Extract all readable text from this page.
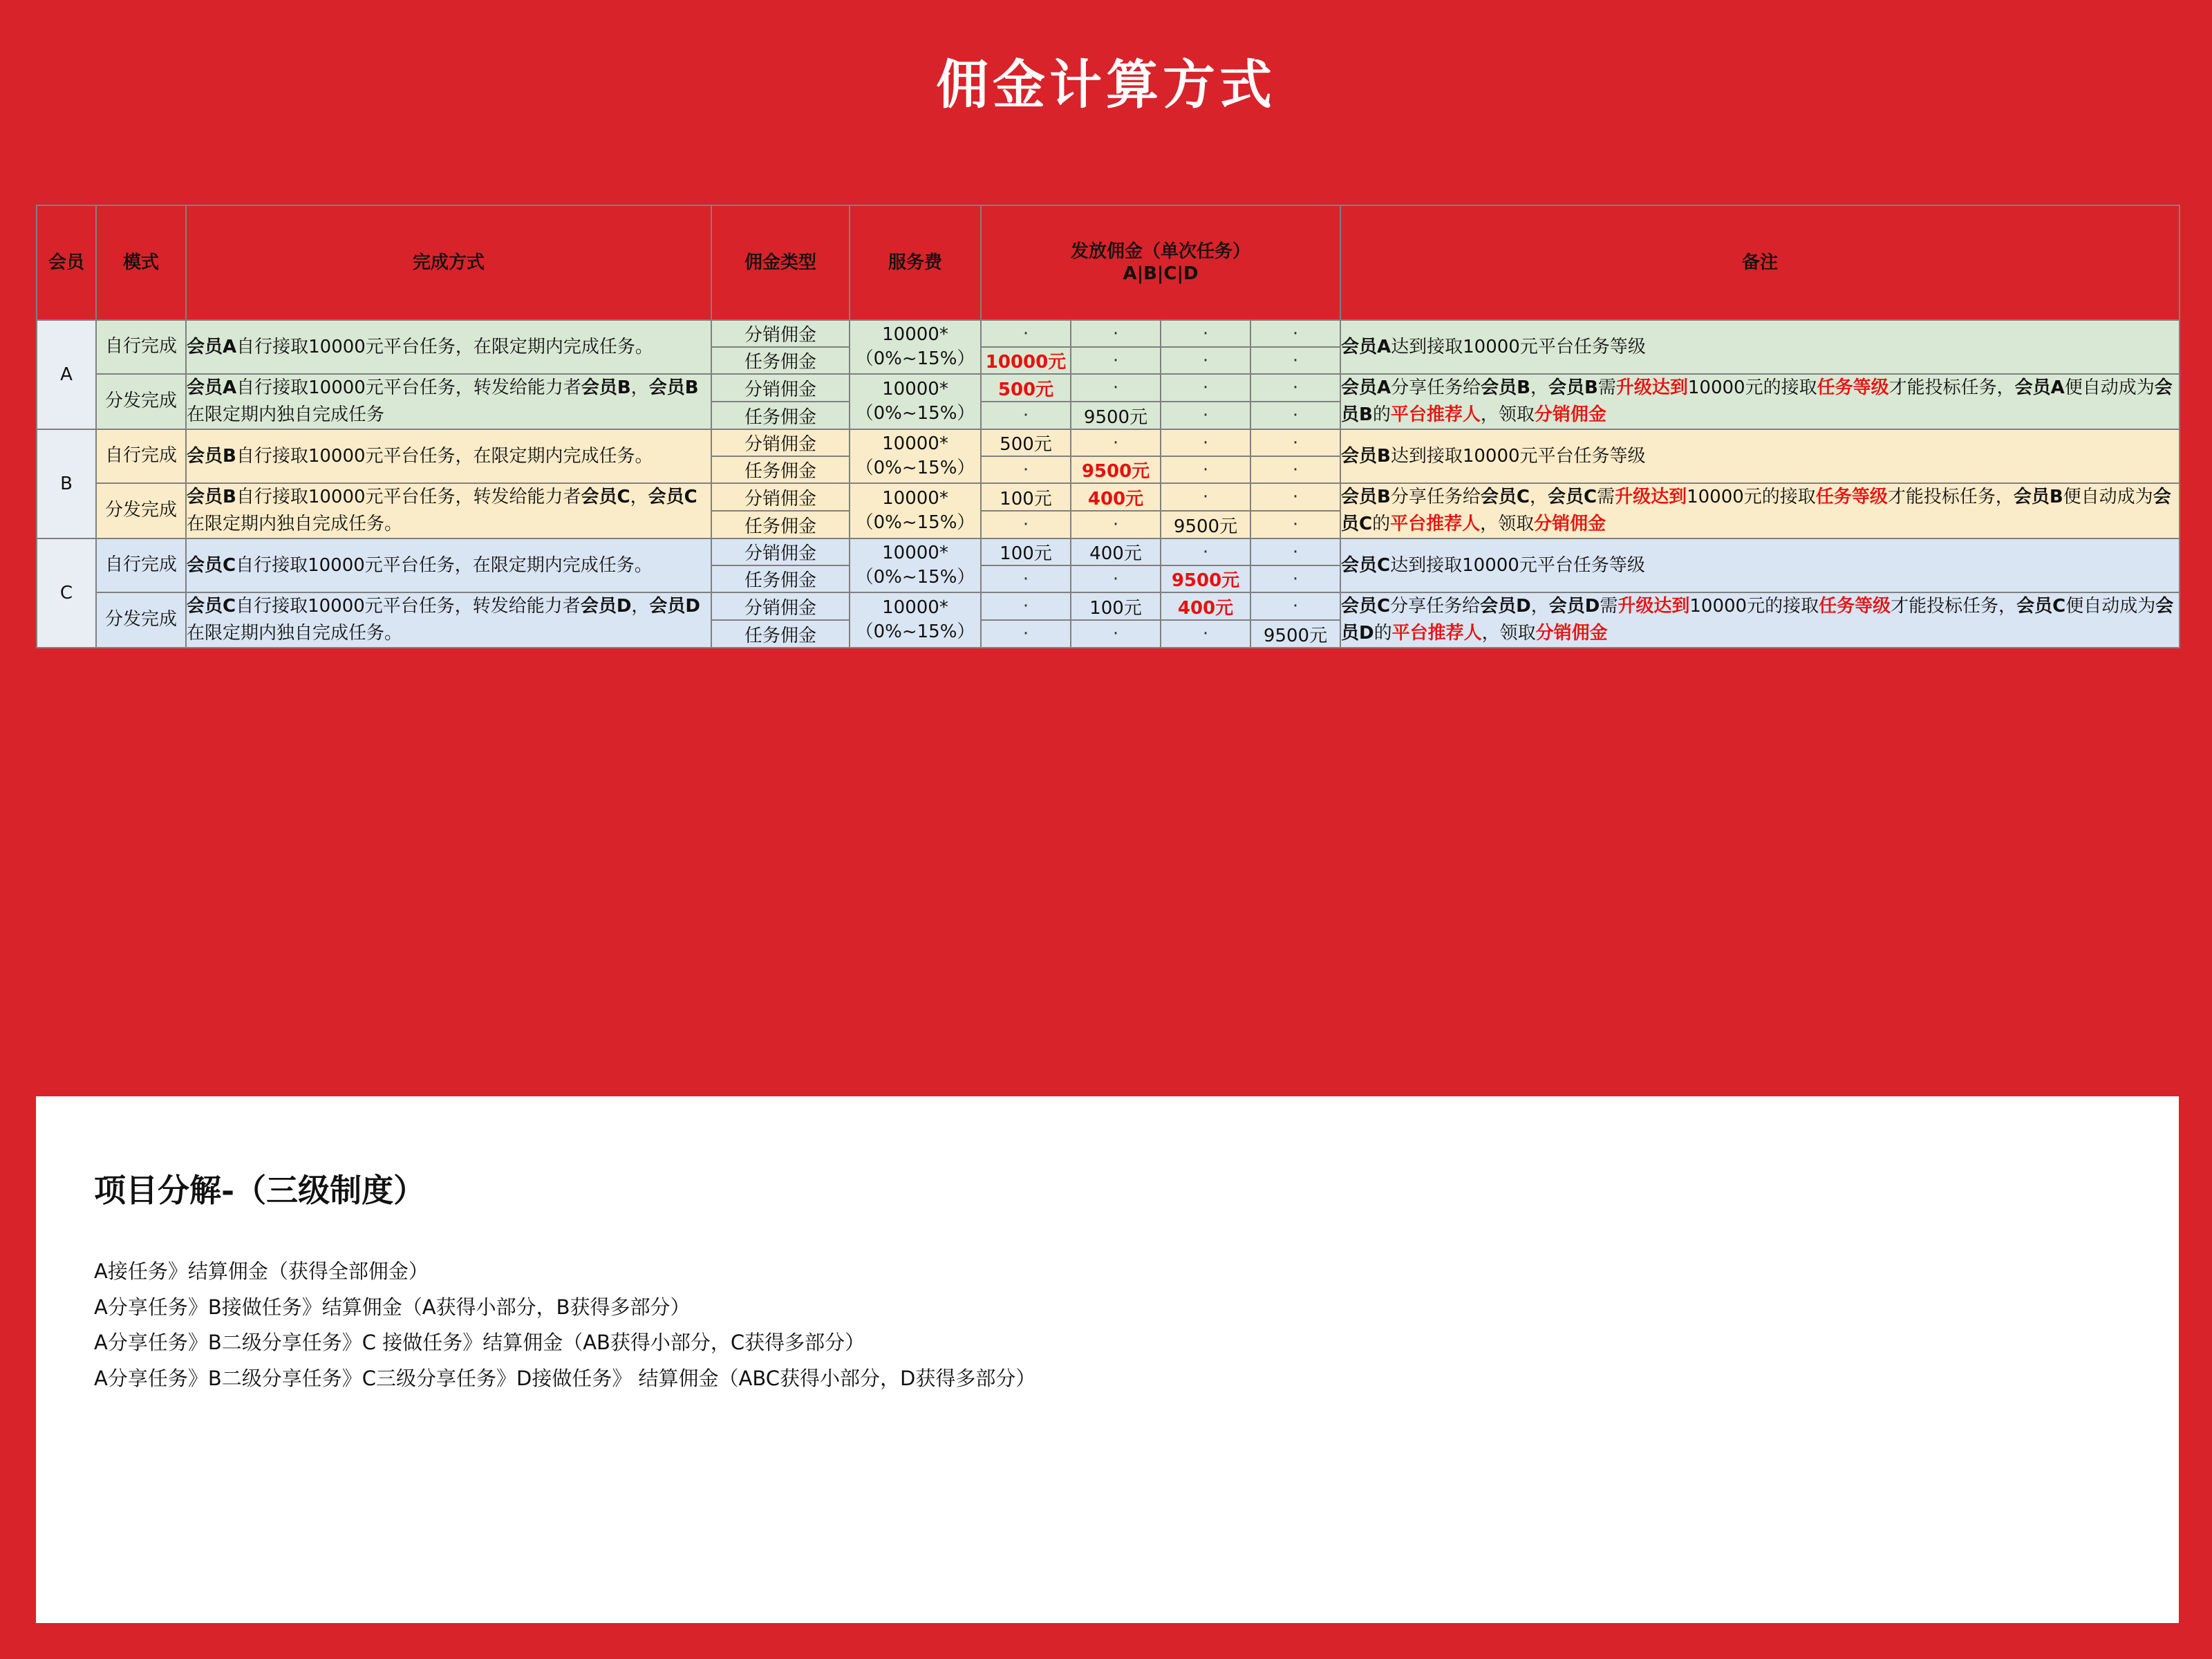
佣金计算方式
会员	模式	完成方式	佣金类型	服务费	发放佣金（单次任务）
A|B|C|D				备注
A	自行完成	会员A自行接取10000元平台任务，在限定期内完成任务。	分销佣金	10000*
（0%~15%）	·	·	·	·	会员A达到接取10000元平台任务等级
			任务佣金		10000元	·	·	·	
	分发完成	会员A自行接取10000元平台任务，转发给能力者会员B，会员B在限定期内独自完成任务	分销佣金	10000*
（0%~15%）	500元	·	·	·	会员A分享任务给会员B，会员B需升级达到10000元的接取任务等级才能投标任务，会员A便自动成为会员B的平台推荐人，领取分销佣金
			任务佣金		·	9500元	·	·	
B	自行完成	会员B自行接取10000元平台任务，在限定期内完成任务。	分销佣金	10000*
（0%~15%）	500元	·	·	·	会员B达到接取10000元平台任务等级
			任务佣金		·	9500元	·	·	
	分发完成	会员B自行接取10000元平台任务，转发给能力者会员C，会员C在限定期内独自完成任务。	分销佣金	10000*
（0%~15%）	100元	400元	·	·	会员B分享任务给会员C，会员C需升级达到10000元的接取任务等级才能投标任务，会员B便自动成为会员C的平台推荐人，领取分销佣金
			任务佣金		·	·	9500元	·	
C	自行完成	会员C自行接取10000元平台任务，在限定期内完成任务。	分销佣金	10000*
（0%~15%）	100元	400元	·	·	会员C达到接取10000元平台任务等级
			任务佣金		·	·	9500元	·	
	分发完成	会员C自行接取10000元平台任务，转发给能力者会员D，会员D在限定期内独自完成任务。	分销佣金	10000*
（0%~15%）	·	100元	400元	·	会员C分享任务给会员D，会员D需升级达到10000元的接取任务等级才能投标任务，会员C便自动成为会员D的平台推荐人，领取分销佣金
			任务佣金		·	·	·	9500元	
项目分解-（三级制度）
A接任务》结算佣金（获得全部佣金）
A分享任务》B接做任务》结算佣金（A获得小部分，B获得多部分）
A分享任务》B二级分享任务》C 接做任务》结算佣金（AB获得小部分，C获得多部分）
A分享任务》B二级分享任务》C三级分享任务》D接做任务》 结算佣金（ABC获得小部分，D获得多部分）
